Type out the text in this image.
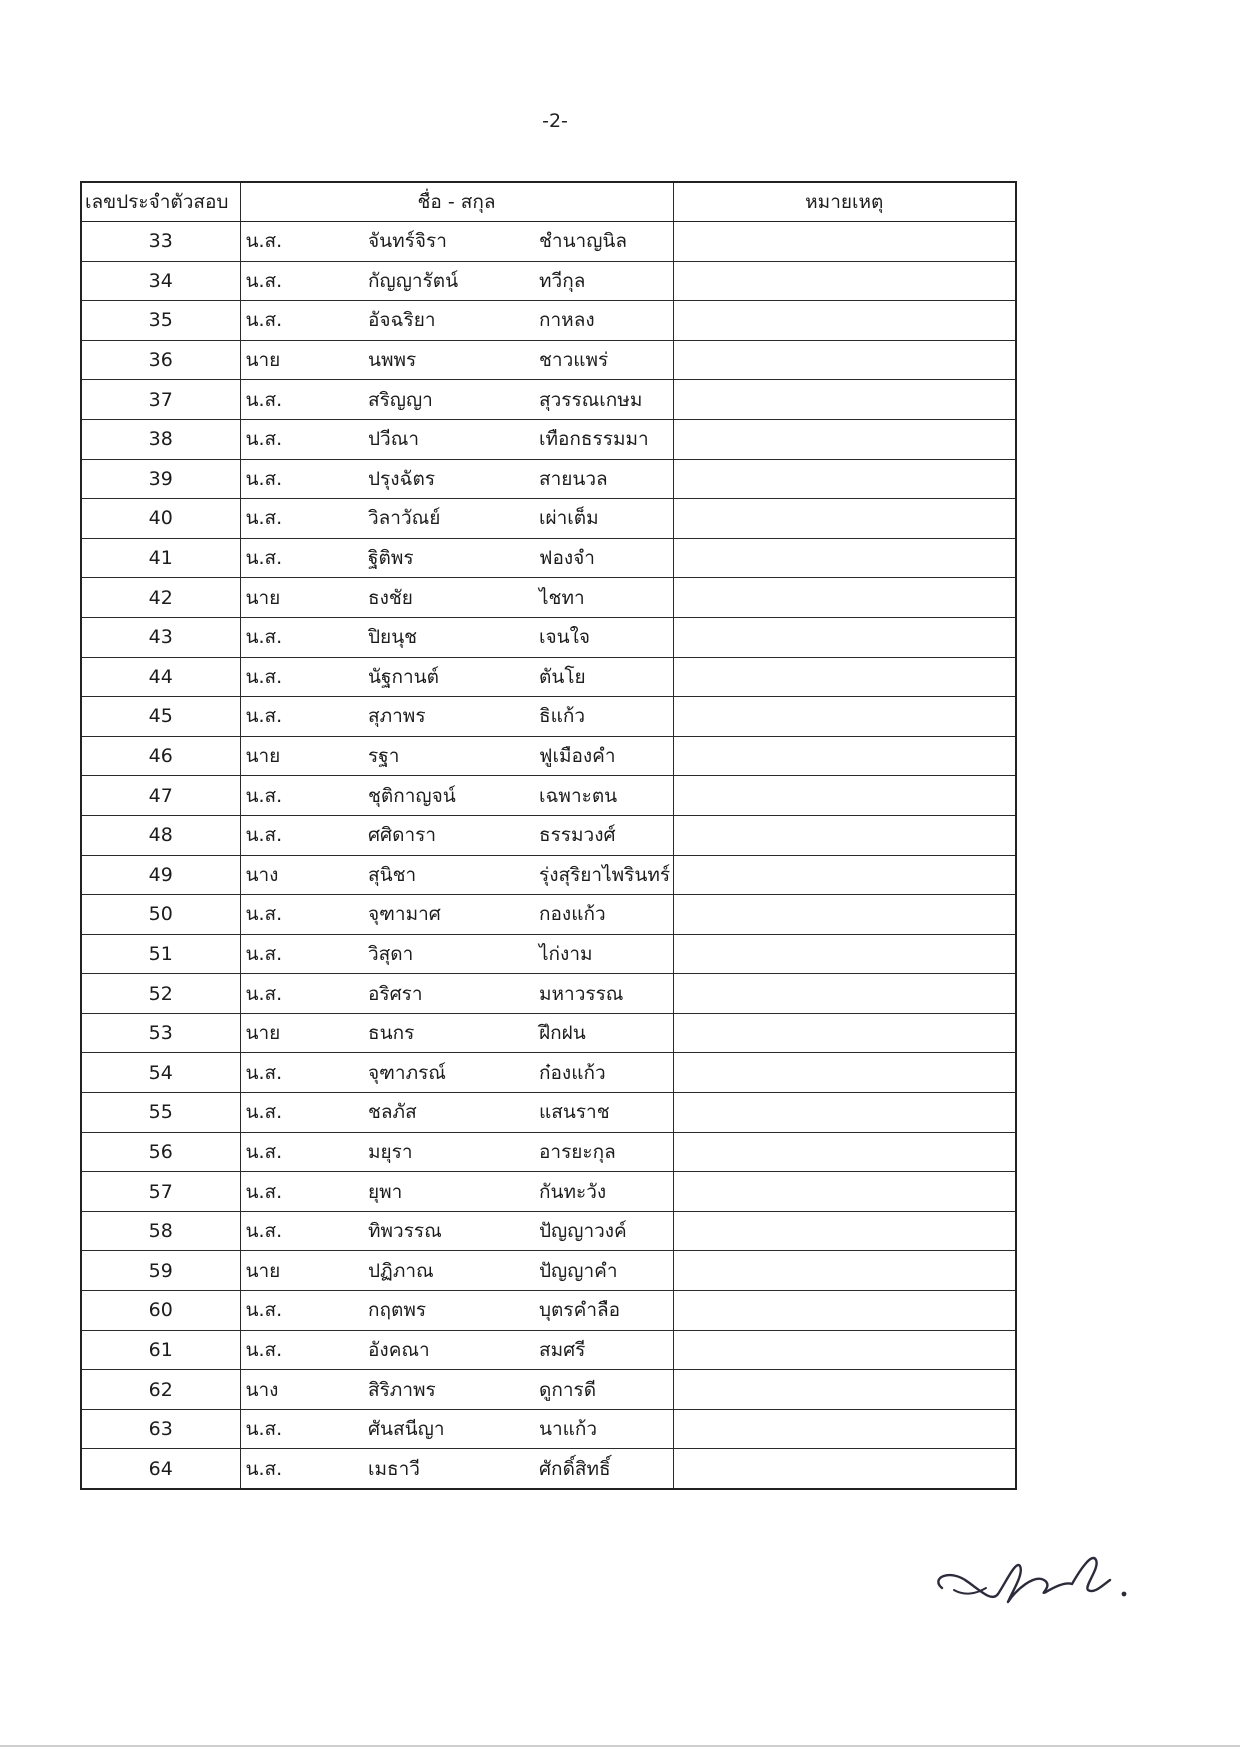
-2-
เลขประจำตัวสอบ	ชื่อ - สกุล			หมายเหตุ
33	น.ส.	จันทร์จิรา	ชำนาญนิล	
34	น.ส.	กัญญารัตน์	ทวีกุล	
35	น.ส.	อัจฉริยา	กาหลง	
36	นาย	นพพร	ชาวแพร่	
37	น.ส.	สริญญา	สุวรรณเกษม	
38	น.ส.	ปวีณา	เทือกธรรมมา	
39	น.ส.	ปรุงฉัตร	สายนวล	
40	น.ส.	วิลาวัณย์	เผ่าเต็ม	
41	น.ส.	ฐิติพร	ฟองจำ	
42	นาย	ธงชัย	ไชทา	
43	น.ส.	ปิยนุช	เจนใจ	
44	น.ส.	นัฐกานต์	ตันโย	
45	น.ส.	สุภาพร	ธิแก้ว	
46	นาย	รฐา	ฟูเมืองคำ	
47	น.ส.	ชุติกาญจน์	เฉพาะตน	
48	น.ส.	ศศิดารา	ธรรมวงศ์	
49	นาง	สุนิชา	รุ่งสุริยาไพรินทร์	
50	น.ส.	จุฑามาศ	กองแก้ว	
51	น.ส.	วิสุดา	ไก่งาม	
52	น.ส.	อริศรา	มหาวรรณ	
53	นาย	ธนกร	ฝึกฝน	
54	น.ส.	จุฑาภรณ์	ก๋องแก้ว	
55	น.ส.	ชลภัส	แสนราช	
56	น.ส.	มยุรา	อารยะกุล	
57	น.ส.	ยุพา	กันทะวัง	
58	น.ส.	ทิพวรรณ	ปัญญาวงค์	
59	นาย	ปฏิภาณ	ปัญญาคำ	
60	น.ส.	กฤตพร	บุตรคำลือ	
61	น.ส.	อังคณา	สมศรี	
62	นาง	สิริภาพร	ดูการดี	
63	น.ส.	ศันสนีญา	นาแก้ว	
64	น.ส.	เมธาวี	ศักดิ์สิทธิ์	
